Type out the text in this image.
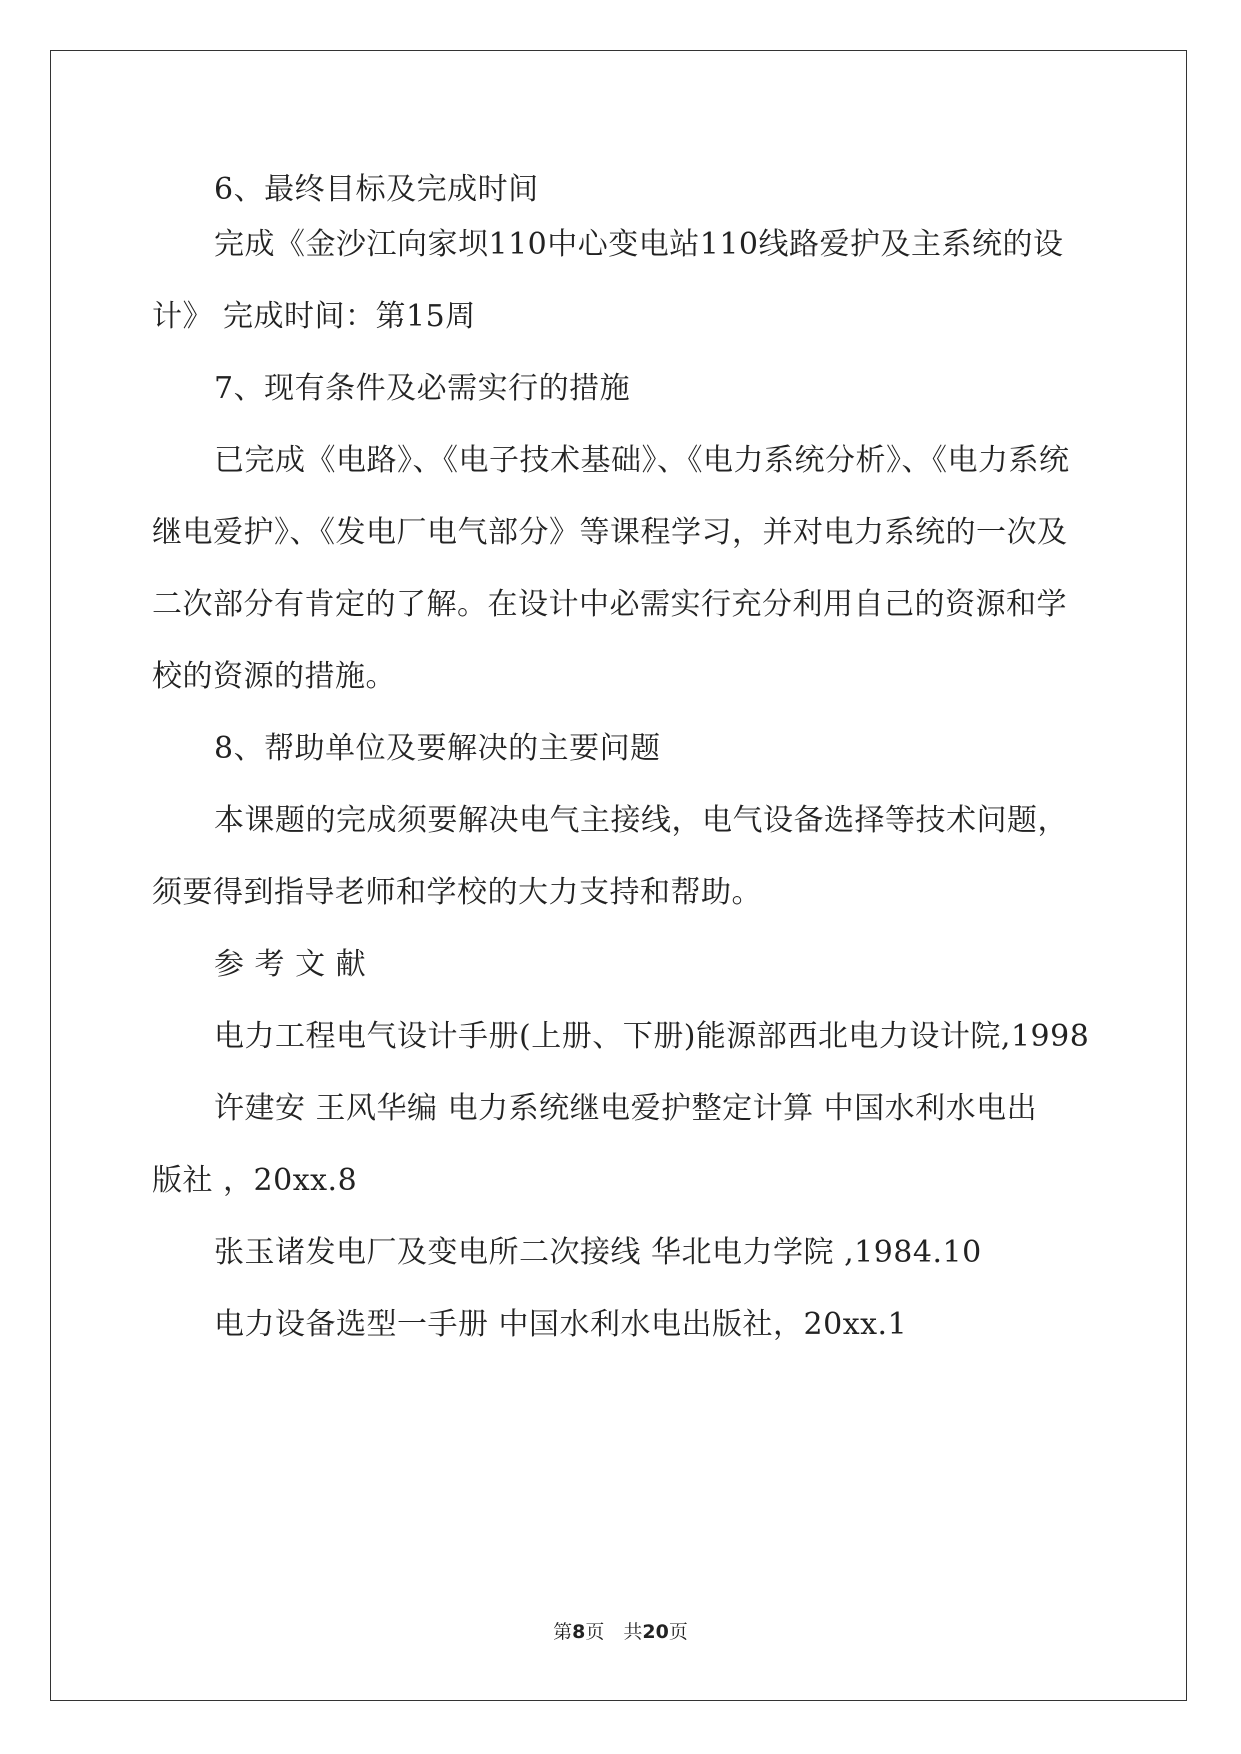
6、最终目标及完成时间
完成《金沙江向家坝110中心变电站110线路爱护及主系统的设
计》 完成时间：第15周
7、现有条件及必需实行的措施
已完成《电路》、《电子技术基础》、《电力系统分析》、《电力系统
继电爱护》、《发电厂电气部分》等课程学习，并对电力系统的一次及
二次部分有肯定的了解。在设计中必需实行充分利用自己的资源和学
校的资源的措施。
8、帮助单位及要解决的主要问题
本课题的完成须要解决电气主接线，电气设备选择等技术问题，
须要得到指导老师和学校的大力支持和帮助。
参 考 文 献
电力工程电气设计手册(上册、下册)能源部西北电力设计院,1998
许建安 王风华编 电力系统继电爱护整定计算 中国水利水电出
版社 ，20xx.8
张玉诸发电厂及变电所二次接线 华北电力学院 ,1984.10
电力设备选型一手册 中国水利水电出版社，20xx.1
第8页　共20页
